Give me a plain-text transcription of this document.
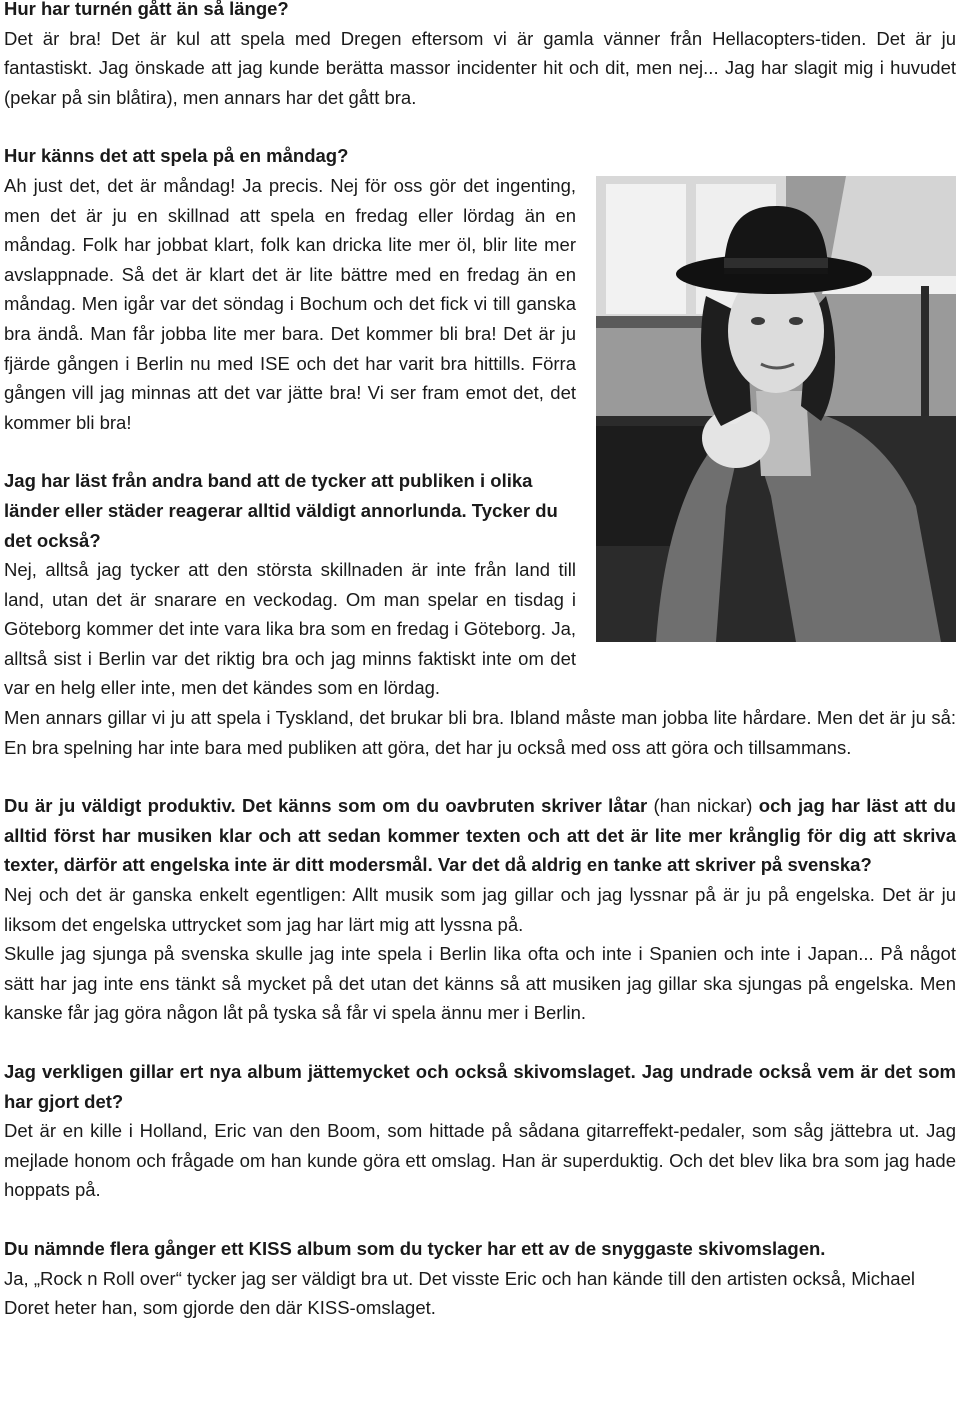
Hur har turnén gått än så länge?

Det är bra! Det är kul att spela med Dregen eftersom vi är gamla vänner från Hellacopters-tiden. Det är ju fantastiskt. Jag önskade att jag kunde berätta massor incidenter hit och dit, men nej... Jag har slagit mig i huvudet (pekar på sin blåtira), men annars har det gått bra.

Hur känns det att spela på en måndag?

Ah just det, det är måndag! Ja precis. Nej för oss gör det ingenting, men det är ju en skillnad att spela en fredag eller lördag än en måndag. Folk har jobbat klart, folk kan dricka lite mer öl, blir lite mer avslappnade. Så det är klart det är lite bättre med en fredag än en måndag. Men igår var det söndag i Bochum och det fick vi till ganska bra ändå. Man får jobba lite mer bara. Det kommer bli bra! Det är ju fjärde gången i Berlin nu med ISE och det har varit bra hittills. Förra gången vill jag minnas att det var jätte bra! Vi ser fram emot det, det kommer bli bra!

Jag har läst från andra band att de tycker att publiken i olika länder eller städer reagerar alltid väldigt annorlunda. Tycker du det också?

Nej, alltså jag tycker att den största skillnaden är inte från land till land, utan det är snarare en veckodag. Om man spelar en tisdag i Göteborg kommer det inte vara lika bra som en fredag i Göteborg. Ja, alltså sist i Berlin var det riktig bra och jag minns faktiskt inte om det var en helg eller inte, men det kändes som en lördag.

Men annars gillar vi ju att spela i Tyskland, det brukar bli bra. Ibland måste man jobba lite hårdare. Men det är ju så: En bra spelning har inte bara med publiken att göra, det har ju också med oss att göra och tillsammans.

Du är ju väldigt produktiv. Det känns som om du oavbruten skriver låtar (han nickar) och jag har läst att du alltid först har musiken klar och att sedan kommer texten och att det är lite mer krånglig för dig att skriva texter, därför att engelska inte är ditt modersmål. Var det då aldrig en tanke att skriver på svenska?

Nej och det är ganska enkelt egentligen: Allt musik som jag gillar och jag lyssnar på är ju på engelska. Det är ju liksom det engelska uttrycket som jag har lärt mig att lyssna på.

Skulle jag sjunga på svenska skulle jag inte spela i Berlin lika ofta och inte i Spanien och inte i Japan... På något sätt har jag inte ens tänkt så mycket på det utan det känns så att musiken jag gillar ska sjungas på engelska. Men kanske får jag göra någon låt på tyska så får vi spela ännu mer i Berlin.

Jag verkligen gillar ert nya album jättemycket och också skivomslaget. Jag undrade också vem är det som har gjort det?

Det är en kille i Holland, Eric van den Boom, som hittade på sådana gitarreffekt-pedaler, som såg jättebra ut. Jag mejlade honom och frågade om han kunde göra ett omslag. Han är superduktig. Och det blev lika bra som jag hade hoppats på.

Du nämnde flera gånger ett KISS album som du tycker har ett av de snyggaste skivomslagen.

Ja, „Rock n Roll over“ tycker jag ser väldigt bra ut. Det visste Eric och han kände till den artisten också, Michael Doret heter han, som gjorde den där KISS-omslaget.
